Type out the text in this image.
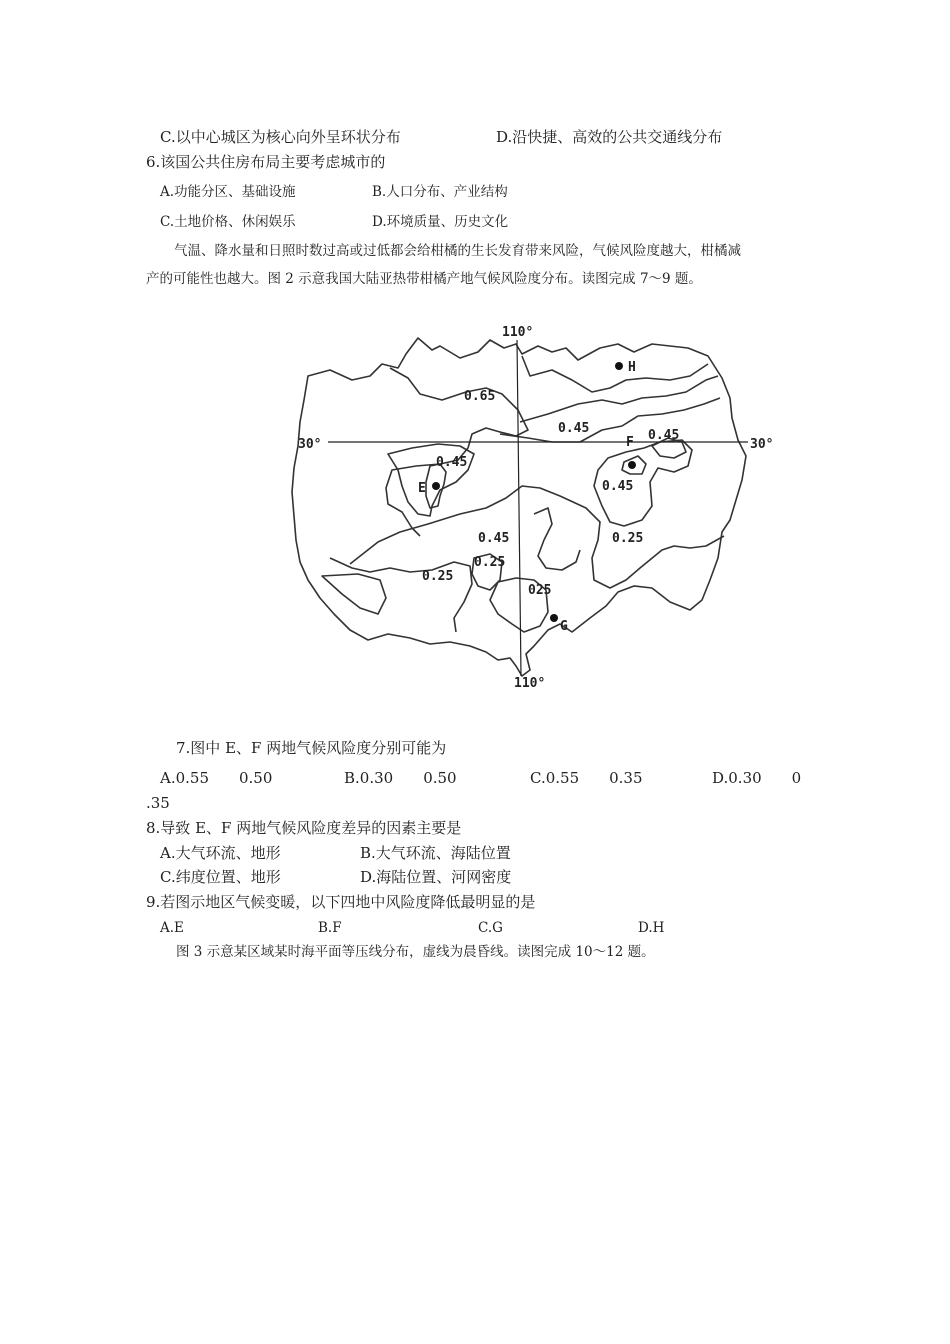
C.以中心城区为核心向外呈环状分布	D.沿快捷、高效的公共交通线分布
6.该国公共住房布局主要考虑城市的
A.功能分区、基础设施	B.人口分布、产业结构
C.土地价格、休闲娱乐	D.环境质量、历史文化
气温、降水量和日照时数过高或过低都会给柑橘的生长发育带来风险，气候风险度越大，柑橘减
产的可能性也越大。图 2 示意我国大陆亚热带柑橘产地气候风险度分布。读图完成 7～9 题。
110°
110°
30°	30°
0.65
0.45	0.45
0.45
0.45
0.45	0.25
0.25
0.25
025
H
F
E
G
7.图中 E、F 两地气候风险度分别可能为
A.0.55　　0.50	B.0.30　　0.50	C.0.55　　0.35	D.0.30　　0
.35
8.导致 E、F 两地气候风险度差异的因素主要是
A.大气环流、地形	B.大气环流、海陆位置
C.纬度位置、地形	D.海陆位置、河网密度
9.若图示地区气候变暖，以下四地中风险度降低最明显的是
A.E	B.F	C.G	D.H
图 3 示意某区域某时海平面等压线分布，虚线为晨昏线。读图完成 10～12 题。
